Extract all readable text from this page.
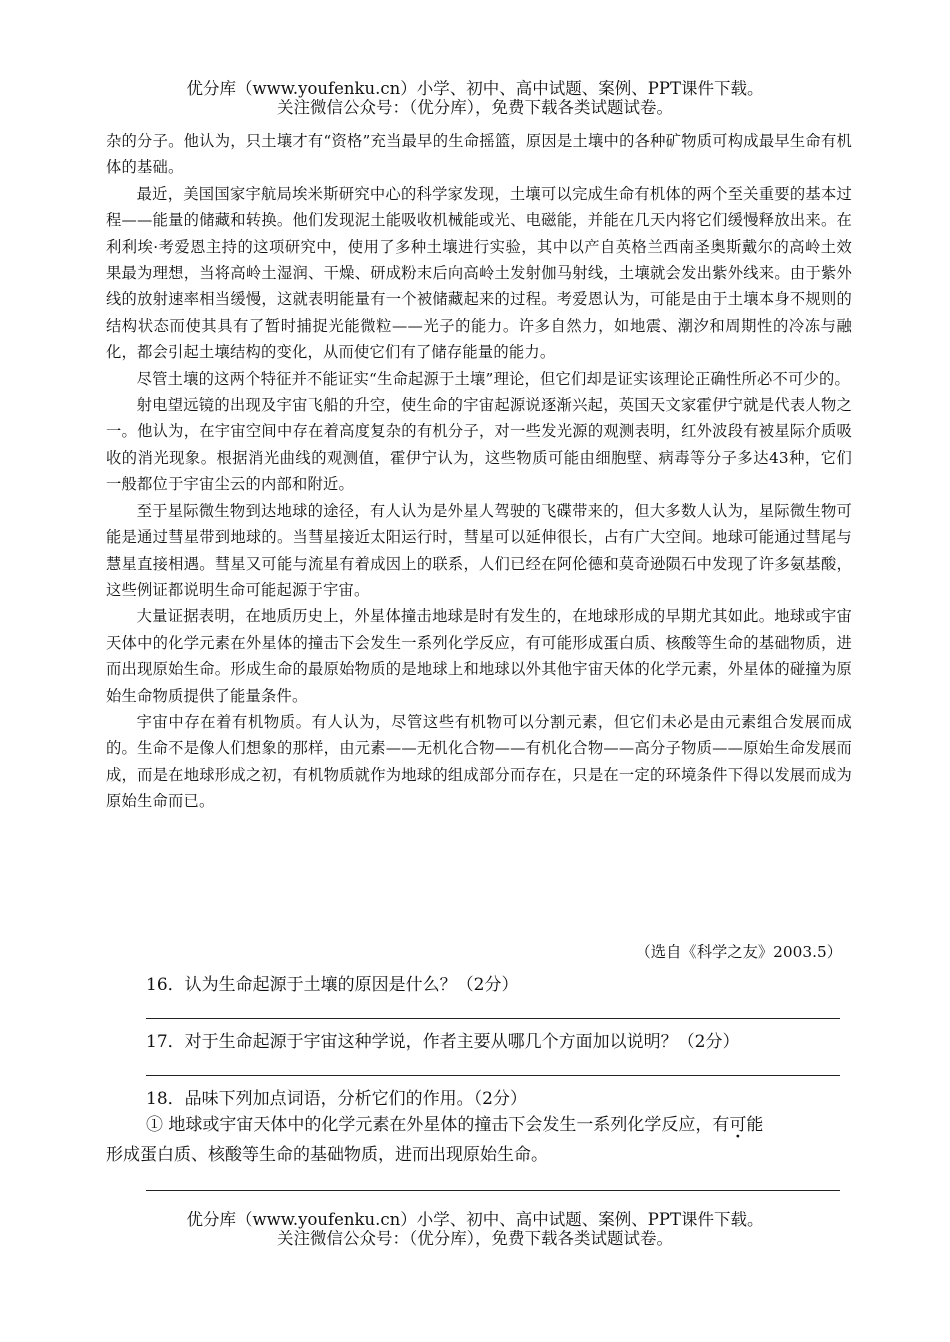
优分库（www.youfenku.cn）小学、初中、高中试题、案例、PPT课件下载。
关注微信公众号：（优分库），免费下载各类试题试卷。

杂的分子。他认为，只土壤才有“资格”充当最早的生命摇篮，原因是土壤中的各种矿物质可构成最早生命有机体的基础。

最近，美国国家宇航局埃米斯研究中心的科学家发现，土壤可以完成生命有机体的两个至关重要的基本过程——能量的储藏和转换。他们发现泥土能吸收机械能或光、电磁能，并能在几天内将它们缓慢释放出来。在利利埃·考爱恩主持的这项研究中，使用了多种土壤进行实验，其中以产自英格兰西南圣奥斯戴尔的高岭土效果最为理想，当将高岭土湿润、干燥、研成粉末后向高岭土发射伽马射线，土壤就会发出紫外线来。由于紫外线的放射速率相当缓慢，这就表明能量有一个被储藏起来的过程。考爱恩认为，可能是由于土壤本身不规则的结构状态而使其具有了暂时捕捉光能微粒——光子的能力。许多自然力，如地震、潮汐和周期性的冷冻与融化，都会引起土壤结构的变化，从而使它们有了储存能量的能力。

尽管土壤的这两个特征并不能证实“生命起源于土壤”理论，但它们却是证实该理论正确性所必不可少的。

射电望远镜的出现及宇宙飞船的升空，使生命的宇宙起源说逐渐兴起，英国天文家霍伊宁就是代表人物之一。他认为，在宇宙空间中存在着高度复杂的有机分子，对一些发光源的观测表明，红外波段有被星际介质吸收的消光现象。根据消光曲线的观测值，霍伊宁认为，这些物质可能由细胞壁、病毒等分子多达43种，它们一般都位于宇宙尘云的内部和附近。

至于星际微生物到达地球的途径，有人认为是外星人驾驶的飞碟带来的，但大多数人认为，星际微生物可能是通过彗星带到地球的。当彗星接近太阳运行时，彗星可以延伸很长，占有广大空间。地球可能通过彗尾与慧星直接相遇。彗星又可能与流星有着成因上的联系，人们已经在阿伦德和莫奇逊陨石中发现了许多氨基酸，这些例证都说明生命可能起源于宇宙。

大量证据表明，在地质历史上，外星体撞击地球是时有发生的，在地球形成的早期尤其如此。地球或宇宙天体中的化学元素在外星体的撞击下会发生一系列化学反应，有可能形成蛋白质、核酸等生命的基础物质，进而出现原始生命。形成生命的最原始物质的是地球上和地球以外其他宇宙天体的化学元素，外星体的碰撞为原始生命物质提供了能量条件。

宇宙中存在着有机物质。有人认为，尽管这些有机物可以分割元素，但它们未必是由元素组合发展而成的。生命不是像人们想象的那样，由元素——无机化合物——有机化合物——高分子物质——原始生命发展而成，而是在地球形成之初，有机物质就作为地球的组成部分而存在，只是在一定的环境条件下得以发展而成为原始生命而已。

（选自《科学之友》2003.5）
16．认为生命起源于土壤的原因是什么？（2分）
17．对于生命起源于宇宙这种学说，作者主要从哪几个方面加以说明？（2分）
18．品味下列加点词语，分析它们的作用。（2分）
① 地球或宇宙天体中的化学元素在外星体的撞击下会发生一系列化学反应，有可能
形成蛋白质、核酸等生命的基础物质，进而出现原始生命。
优分库（www.youfenku.cn）小学、初中、高中试题、案例、PPT课件下载。
关注微信公众号：（优分库），免费下载各类试题试卷。
